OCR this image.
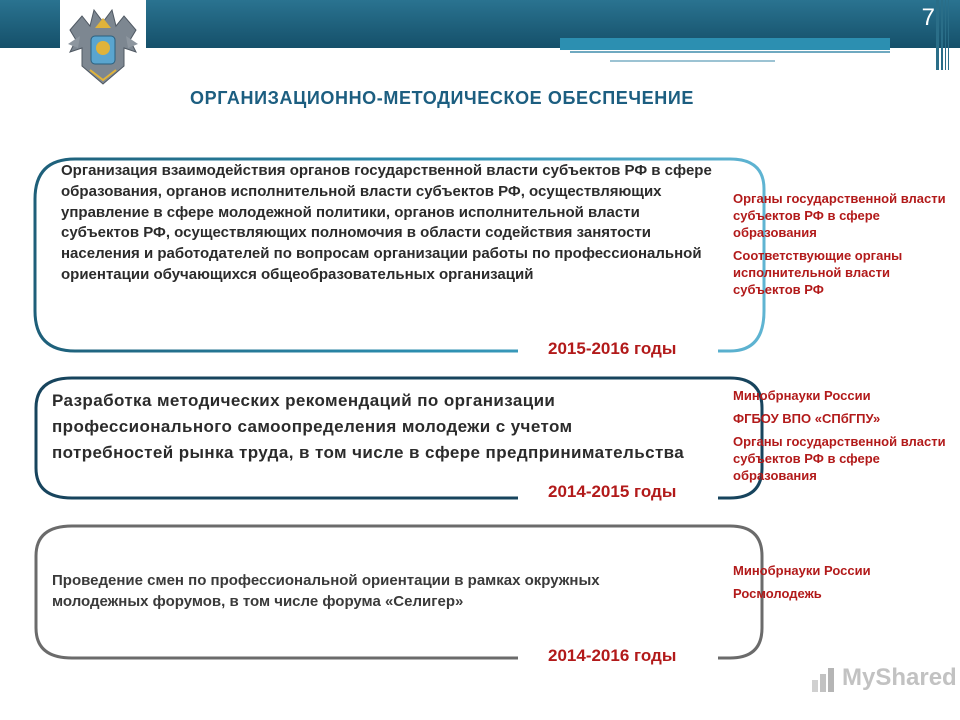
7
ОРГАНИЗАЦИОННО-МЕТОДИЧЕСКОЕ ОБЕСПЕЧЕНИЕ
Организация взаимодействия органов государственной власти субъектов РФ в сфере образования, органов исполнительной власти субъектов РФ, осуществляющих управление в сфере молодежной политики, органов исполнительной власти субъектов РФ, осуществляющих полномочия в области содействия занятости населения и работодателей по вопросам организации работы по профессиональной ориентации обучающихся общеобразовательных организаций
2015-2016 годы
Органы государственной власти субъектов РФ в сфере образования
Соответствующие органы исполнительной власти субъектов РФ
Разработка методических рекомендаций по организации профессионального самоопределения молодежи с учетом потребностей рынка труда, в том числе в сфере предпринимательства
2014-2015 годы
Минобрнауки России
ФГБОУ ВПО «СПбГПУ»
Органы государственной власти субъектов РФ в сфере образования
Проведение смен по профессиональной ориентации в рамках окружных молодежных форумов, в том числе форума «Селигер»
2014-2016 годы
Минобрнауки России
Росмолодежь
MyShared
